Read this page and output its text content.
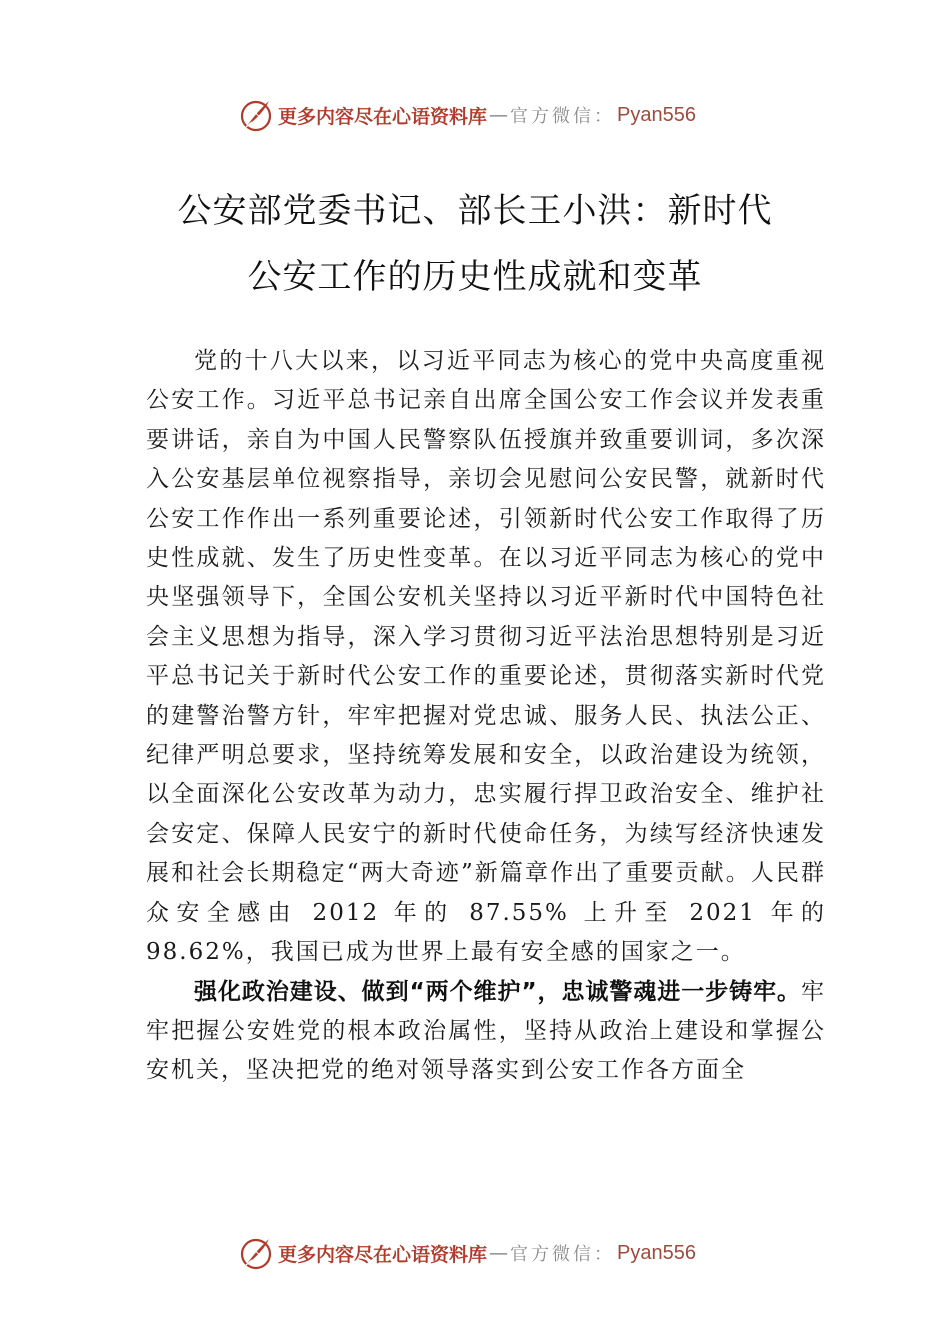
更多内容尽在心语资料库 — 官方微信： Pyan556
公安部党委书记、部长王小洪：新时代
公安工作的历史性成就和变革

党的十八大以来，以习近平同志为核心的党中央高度重视公安工作。习近平总书记亲自出席全国公安工作会议并发表重要讲话，亲自为中国人民警察队伍授旗并致重要训词，多次深入公安基层单位视察指导，亲切会见慰问公安民警，就新时代公安工作作出一系列重要论述，引领新时代公安工作取得了历史性成就、发生了历史性变革。在以习近平同志为核心的党中央坚强领导下，全国公安机关坚持以习近平新时代中国特色社会主义思想为指导，深入学习贯彻习近平法治思想特别是习近平总书记关于新时代公安工作的重要论述，贯彻落实新时代党的建警治警方针，牢牢把握对党忠诚、服务人民、执法公正、纪律严明总要求，坚持统筹发展和安全，以政治建设为统领，以全面深化公安改革为动力，忠实履行捍卫政治安全、维护社会安定、保障人民安宁的新时代使命任务，为续写经济快速发展和社会长期稳定“两大奇迹”新篇章作出了重要贡献。人民群众安全感由 2012 年的 87.55% 上升至 2021 年的 98.62%，我国已成为世界上最有安全感的国家之一。

强化政治建设、做到“两个维护”，忠诚警魂进一步铸牢。牢牢把握公安姓党的根本政治属性，坚持从政治上建设和掌握公安机关，坚决把党的绝对领导落实到公安工作各方面全

更多内容尽在心语资料库 — 官方微信： Pyan556
